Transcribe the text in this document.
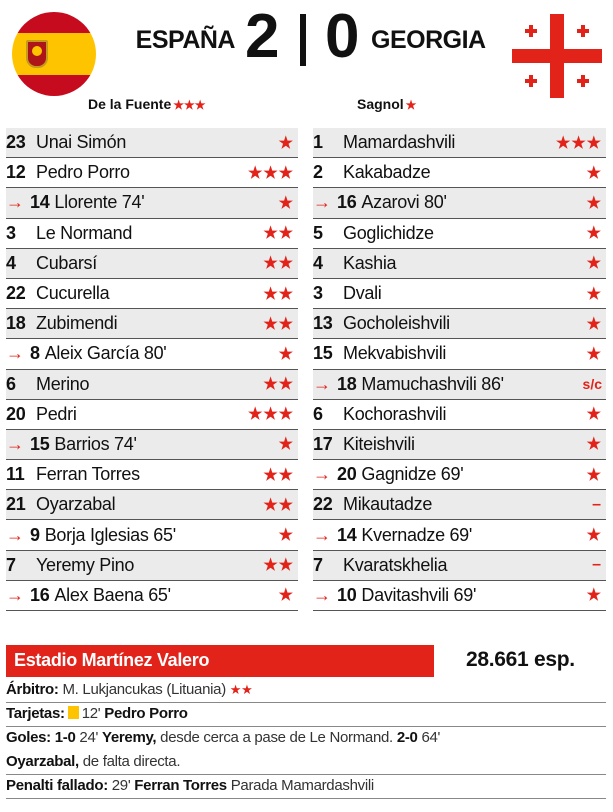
ESPAÑA 2 0 GEORGIA
De la Fuente ★★★	Sagnol ★
23 Unai Simón	★
12 Pedro Porro	★★★
→ 14 Llorente 74'	★
3	Le Normand	★★
4	Cubarsí	★★
22 Cucurella	★★
18 Zubimendi	★★
→ 8 Aleix García 80'	★
6	Merino	★★
20 Pedri	★★★
→ 15 Barrios 74'	★
11 Ferran Torres	★★
21 Oyarzabal	★★
→ 9 Borja Iglesias 65'	★
7	Yeremy Pino	★★
→ 16 Alex Baena 65'	★
1	Mamardashvili	★★★
2	Kakabadze	★
→ 16 Azarovi 80'	★
5	Goglichidze	★
4	Kashia	★
3	Dvali	★
13 Gocholeishvili	★
15 Mekvabishvili	★
→ 18 Mamuchashvili 86'	s/c
6	Kochorashvili	★
17 Kiteishvili	★
→ 20 Gagnidze 69'	★
22 Mikautadze	–
→ 14 Kvernadze 69'	★
7	Kvaratskhelia	–
→ 10 Davitashvili 69'	★
Estadio Martínez Valero	28.661 esp.
Árbitro: M. Lukjancukas (Lituania) ★★
Tarjetas: 12' Pedro Porro
Goles: 1-0 24' Yeremy, desde cerca a pase de Le Normand. 2-0 64'
Oyarzabal, de falta directa.
Penalti fallado: 29' Ferran Torres Parada Mamardashvili
